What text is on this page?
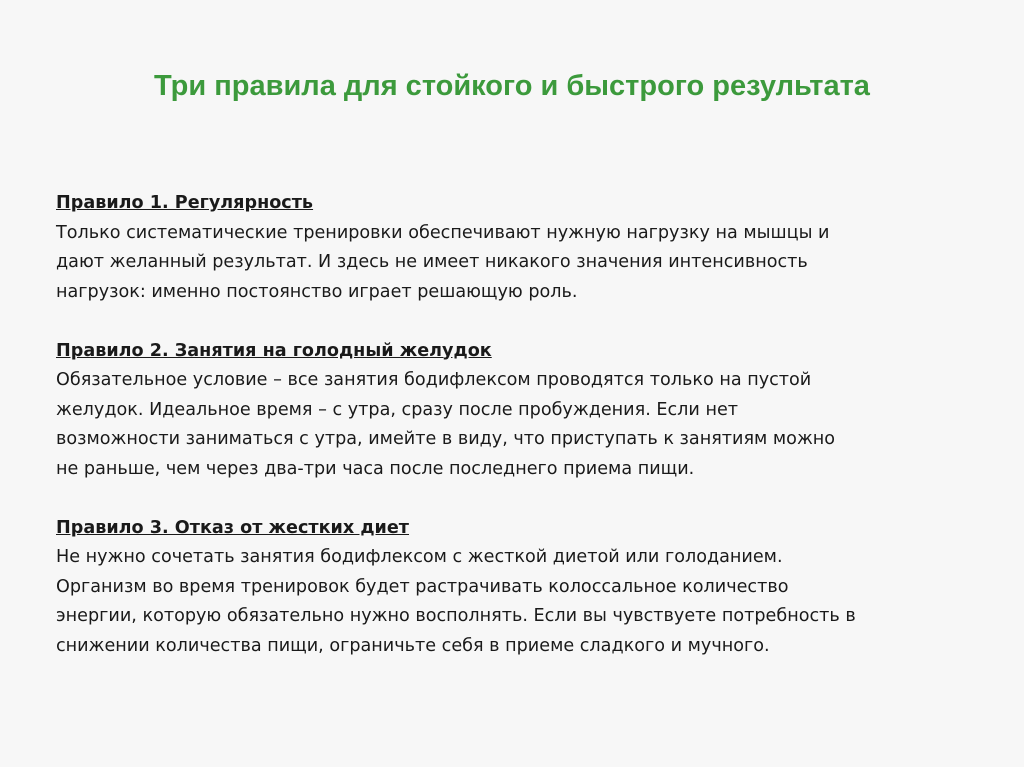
Три правила для стойкого и быстрого результата
Правило 1. Регулярность
Только систематические тренировки обеспечивают нужную нагрузку на мышцы и
дают желанный результат. И здесь не имеет никакого значения интенсивность
нагрузок: именно постоянство играет решающую роль.
Правило 2. Занятия на голодный желудок
Обязательное условие – все занятия бодифлексом проводятся только на пустой
желудок. Идеальное время – с утра, сразу после пробуждения. Если нет
возможности заниматься с утра, имейте в виду, что приступать к занятиям можно
не раньше, чем через два-три часа после последнего приема пищи.
Правило 3. Отказ от жестких диет
Не нужно сочетать занятия бодифлексом с жесткой диетой или голоданием.
Организм во время тренировок будет растрачивать колоссальное количество
энергии, которую обязательно нужно восполнять. Если вы чувствуете потребность в
снижении количества пищи, ограничьте себя в приеме сладкого и мучного.
